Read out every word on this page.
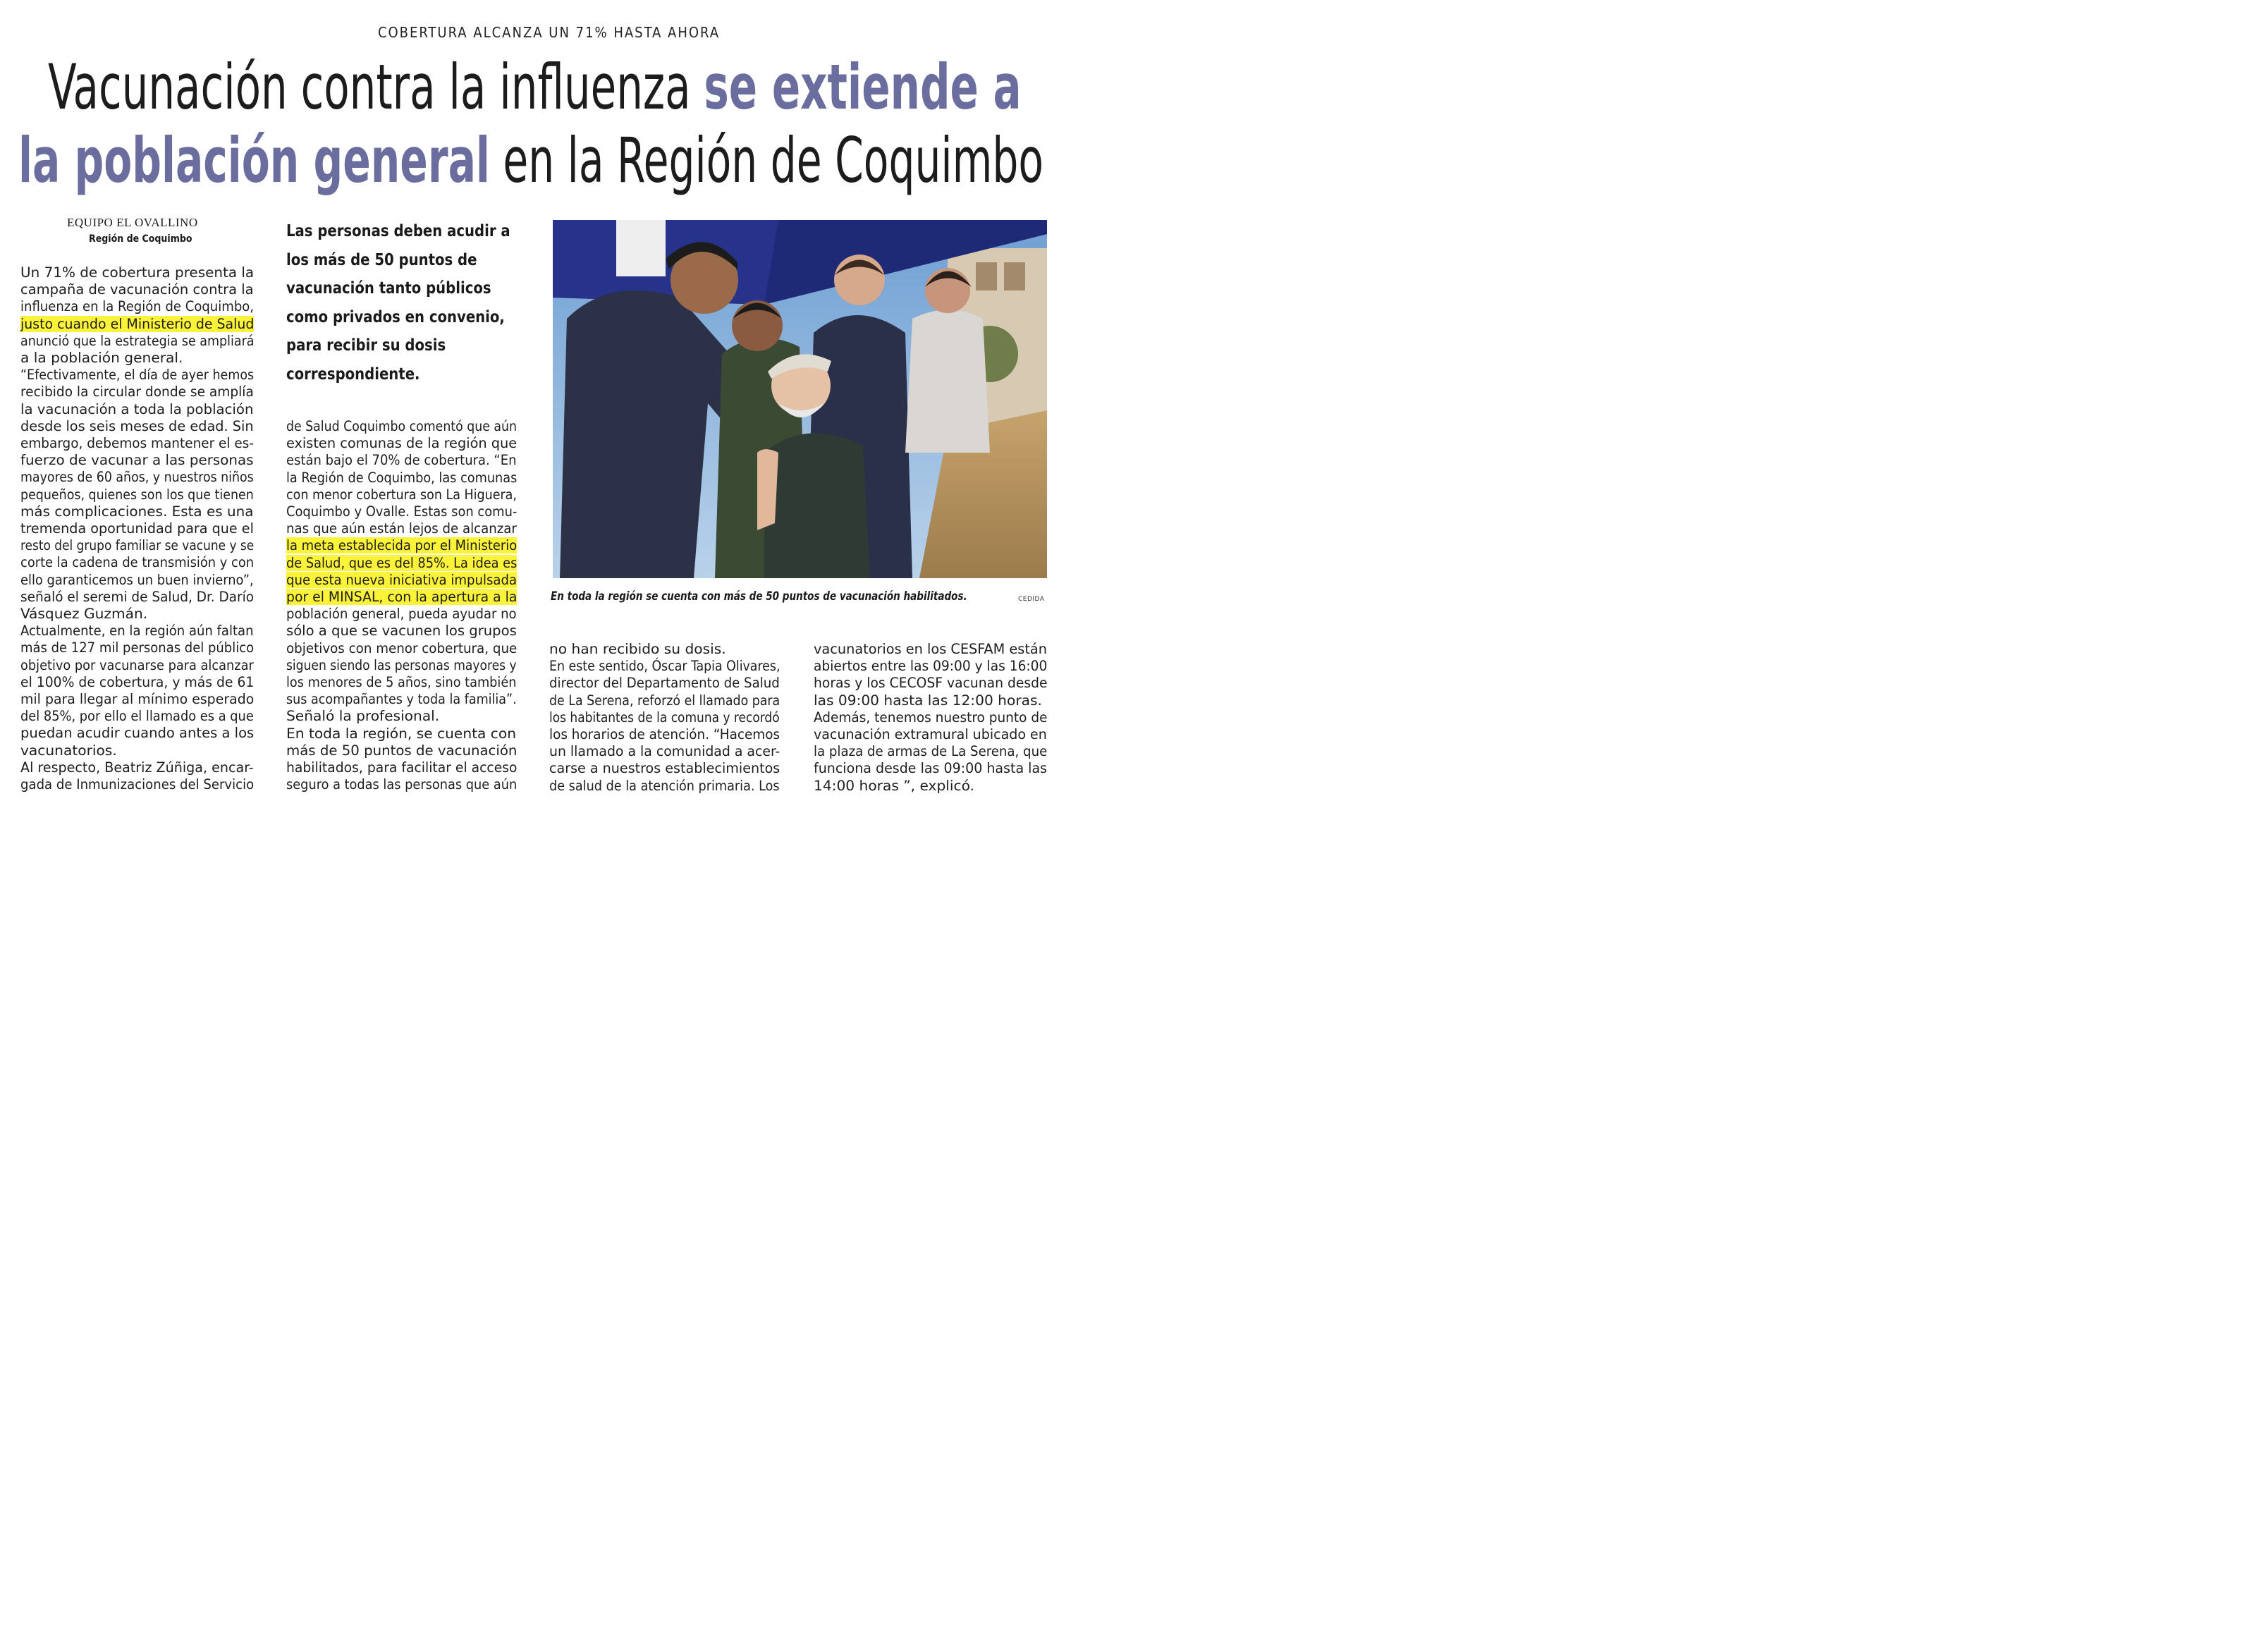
COBERTURA ALCANZA UN 71% HASTA AHORA
Vacunación contra la influenza se extiende a
la población general en la Región de Coquimbo
EQUIPO EL OVALLINO
Región de Coquimbo	Las personas deben acudir a los más de 50 puntos de vacunación tanto públicos como privados en convenio, para recibir su dosis correspondiente.
Un 71% de cobertura presenta la
campaña de vacunación contra la
influenza en la Región de Coquimbo,
justo cuando el Ministerio de Salud
anunció que la estrategia se ampliará
a la población general.
“Efectivamente, el día de ayer hemos
recibido la circular donde se amplía
la vacunación a toda la población
desde los seis meses de edad. Sin
embargo, debemos mantener el es-
fuerzo de vacunar a las personas
mayores de 60 años, y nuestros niños
pequeños, quienes son los que tienen
más complicaciones. Esta es una
tremenda oportunidad para que el
resto del grupo familiar se vacune y se
corte la cadena de transmisión y con
ello garanticemos un buen invierno”,
señaló el seremi de Salud, Dr. Darío
Vásquez Guzmán.
Actualmente, en la región aún faltan
más de 127 mil personas del público
objetivo por vacunarse para alcanzar
el 100% de cobertura, y más de 61
mil para llegar al mínimo esperado
del 85%, por ello el llamado es a que
puedan acudir cuando antes a los
vacunatorios.
Al respecto, Beatriz Zúñiga, encar-
gada de Inmunizaciones del Servicio
de Salud Coquimbo comentó que aún
existen comunas de la región que
están bajo el 70% de cobertura. “En
la Región de Coquimbo, las comunas
con menor cobertura son La Higuera,
Coquimbo y Ovalle. Estas son comu-
nas que aún están lejos de alcanzar
la meta establecida por el Ministerio
de Salud, que es del 85%. La idea es
que esta nueva iniciativa impulsada
por el MINSAL, con la apertura a la
población general, pueda ayudar no
sólo a que se vacunen los grupos
objetivos con menor cobertura, que
siguen siendo las personas mayores y
los menores de 5 años, sino también
sus acompañantes y toda la familia”.
Señaló la profesional.
En toda la región, se cuenta con
más de 50 puntos de vacunación
habilitados, para facilitar el acceso
seguro a todas las personas que aún
no han recibido su dosis.
En este sentido, Óscar Tapia Olivares,
director del Departamento de Salud
de La Serena, reforzó el llamado para
los habitantes de la comuna y recordó
los horarios de atención. “Hacemos
un llamado a la comunidad a acer-
carse a nuestros establecimientos
de salud de la atención primaria. Los
vacunatorios en los CESFAM están
abiertos entre las 09:00 y las 16:00
horas y los CECOSF vacunan desde
las 09:00 hasta las 12:00 horas.
Además, tenemos nuestro punto de
vacunación extramural ubicado en
la plaza de armas de La Serena, que
funciona desde las 09:00 hasta las
14:00 horas ”, explicó.
En toda la región se cuenta con más de 50 puntos de vacunación habilitados.	CEDIDA
